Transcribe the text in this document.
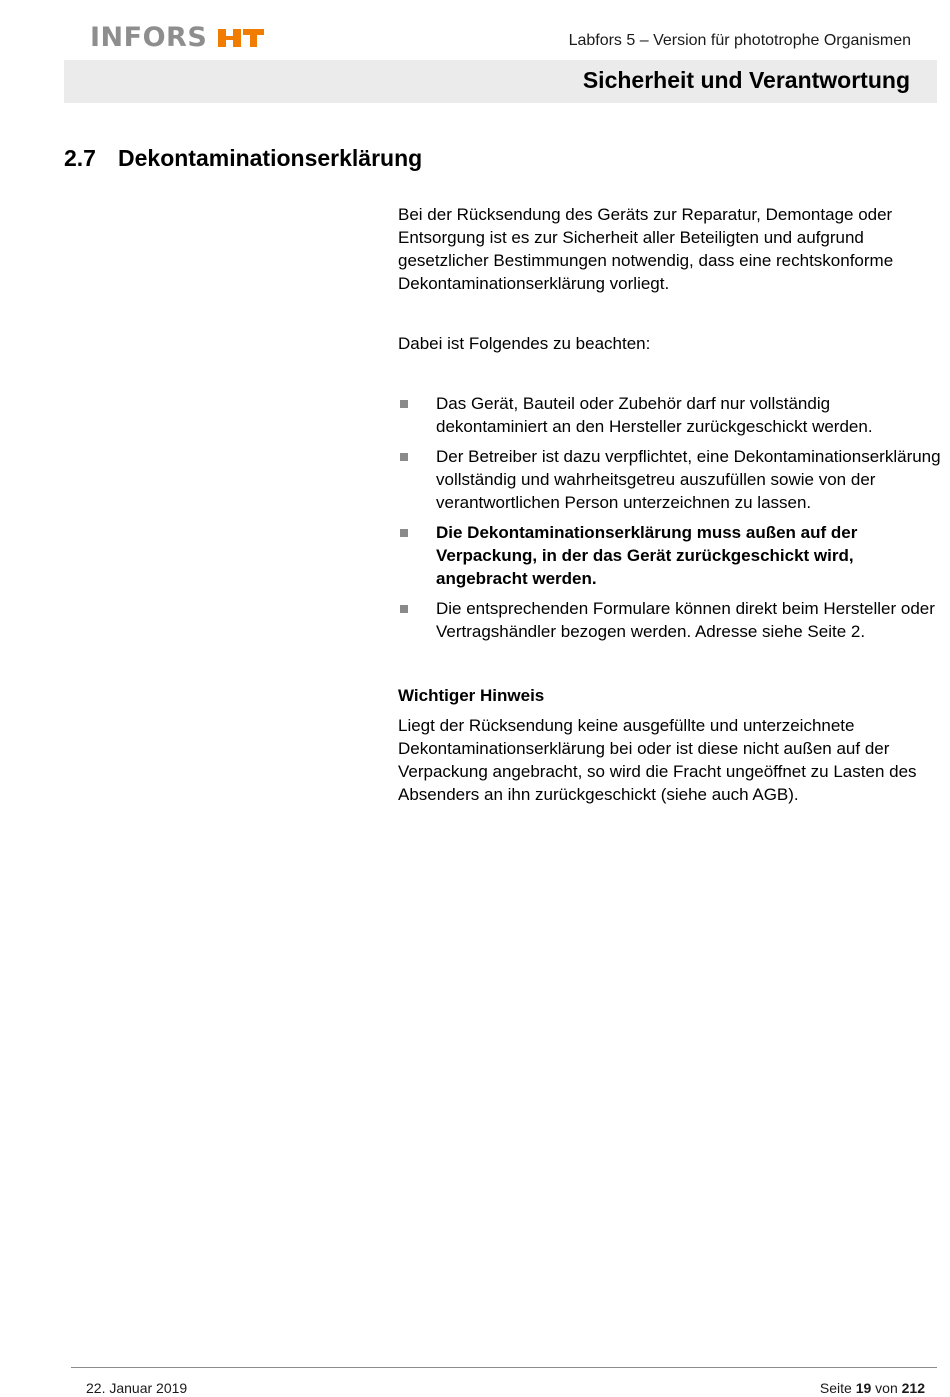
INFORS	Labfors 5 – Version für phototrophe Organismen
Sicherheit und Verantwortung
2.7 Dekontaminationserklärung

Bei der Rücksendung des Geräts zur Reparatur, Demontage oder Entsorgung ist es zur Sicherheit aller Beteiligten und aufgrund gesetzlicher Bestimmungen notwendig, dass eine rechtskonforme Dekontaminationserklärung vorliegt.

Dabei ist Folgendes zu beachten:

Das Gerät, Bauteil oder Zubehör darf nur vollständig dekontaminiert an den Hersteller zurückgeschickt werden.
Der Betreiber ist dazu verpflichtet, eine Dekontaminationserklärung vollständig und wahrheitsgetreu auszufüllen sowie von der verantwortlichen Person unterzeichnen zu lassen.
Die Dekontaminationserklärung muss außen auf der Verpackung, in der das Gerät zurückgeschickt wird, angebracht werden.
Die entsprechenden Formulare können direkt beim Hersteller oder Vertragshändler bezogen werden. Adresse siehe Seite 2.

Wichtiger Hinweis

Liegt der Rücksendung keine ausgefüllte und unterzeichnete Dekontaminationserklärung bei oder ist diese nicht außen auf der Verpackung angebracht, so wird die Fracht ungeöffnet zu Lasten des Absenders an ihn zurückgeschickt (siehe auch AGB).

22. Januar 2019	Seite 19 von 212
